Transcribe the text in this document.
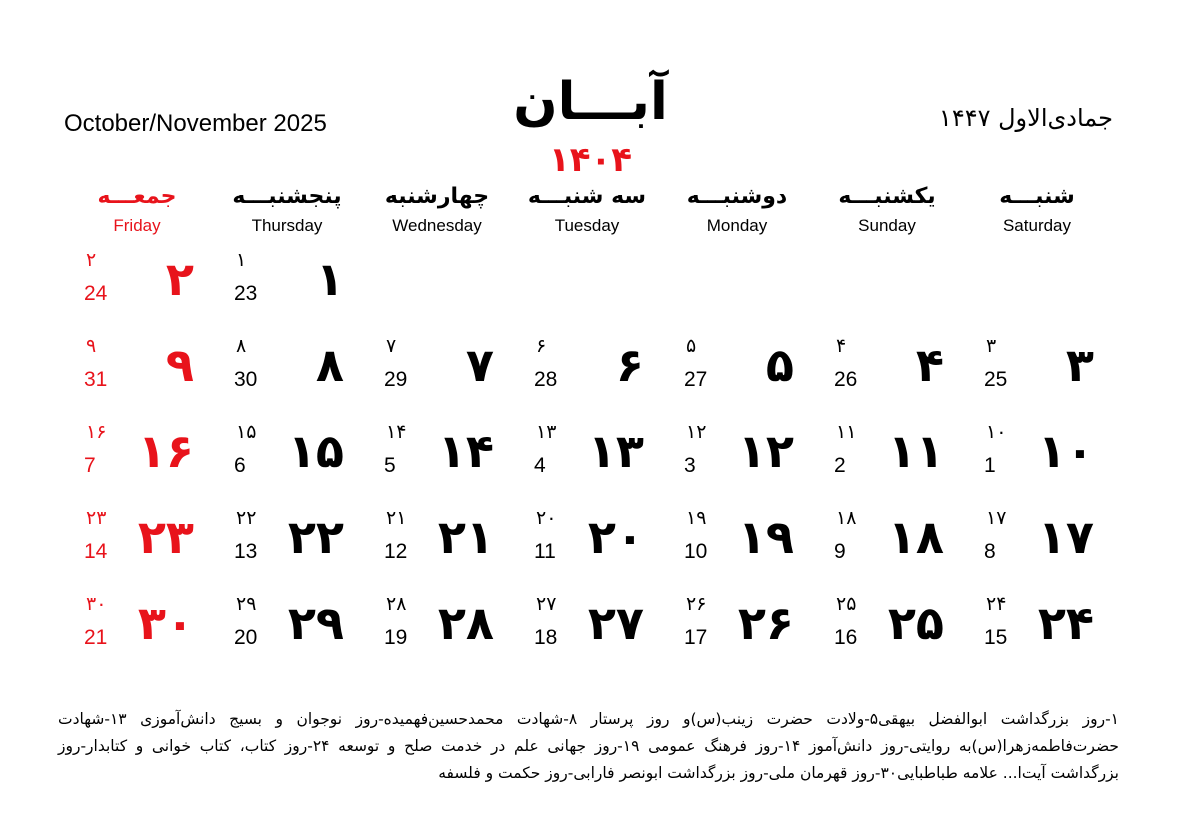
October/November 2025	آبـــان
۱۴۰۴
جمادی‌الاول ۱۴۴۷
شنبـــه
Saturday
یکشنبـــه
Sunday
دوشنبـــه
Monday
سه شنبـــه
Tuesday
چهارشنبه
Wednesday
پنجشنبـــه
Thursday
جمعـــه
Friday
۱
۱
23
۲
۲
24
۳
۳
25
۴
۴
26
۵
۵
27
۶
۶
28
۷
۷
29
۸
۸
30
۹
۹
31
۱۰
۱۰
1
۱۱
۱۱
2
۱۲
۱۲
3
۱۳
۱۳
4
۱۴
۱۴
5
۱۵
۱۵
6
۱۶
۱۶
7
۱۷
۱۷
8
۱۸
۱۸
9
۱۹
۱۹
10
۲۰
۲۰
11
۲۱
۲۱
12
۲۲
۲۲
13
۲۳
۲۳
14
۲۴
۲۴
15
۲۵
۲۵
16
۲۶
۲۶
17
۲۷
۲۷
18
۲۸
۲۸
19
۲۹
۲۹
20
۳۰
۳۰
21
۱-روز بزرگداشت ابوالفضل بیهقی۵-ولادت حضرت زینب(س)و روز پرستار ۸-شهادت محمدحسین‌فهمیده-روز نوجوان و بسیج دانش‌آموزی ۱۳-شهادت حضرت‌فاطمه‌زهرا(س)به روایتی-روز دانش‌آموز ۱۴-روز فرهنگ عمومی ۱۹-روز جهانی علم در خدمت صلح و توسعه ۲۴-روز کتاب، کتاب خوانی و کتابدار-روز بزرگداشت آیت‌ا... علامه طباطبایی۳۰-روز قهرمان ملی-روز بزرگداشت ابونصر فارابی-روز حکمت و فلسفه
